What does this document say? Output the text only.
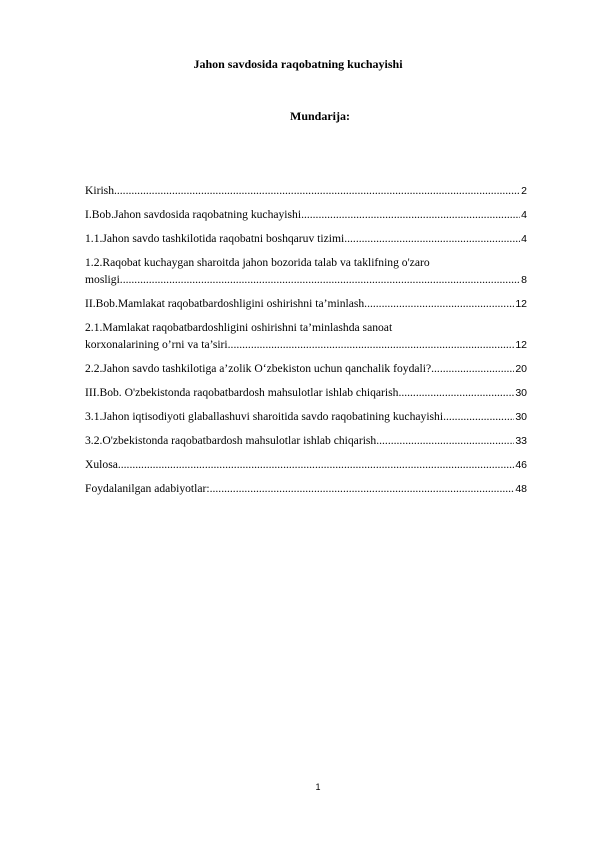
Jahon savdosida raqobatning kuchayishi
Mundarija:
Kirish .....	2
I.Bob.Jahon savdosida raqobatning kuchayishi .....	4
1.1.Jahon savdo tashkilotida raqobatni boshqaruv tizimi .....	4
1.2.Raqobat kuchaygan sharoitda jahon bozorida talab va taklifning o'zaro
mosligi .....	8
II.Bob.Mamlakat raqobatbardoshligini oshirishni ta’minlash .....	12
2.1.Mamlakat raqobatbardoshligini oshirishni ta’minlashda sanoat
korxonalarining o’rni va ta’siri .....	12
2.2.Jahon savdo tashkilotiga a’zolik O‘zbekiston uchun qanchalik foydali? .....	20
III.Bob. O'zbekistonda raqobatbardosh mahsulotlar ishlab chiqarish .....	30
3.1.Jahon iqtisodiyoti glaballashuvi sharoitida savdo raqobatining kuchayishi. .....	30
3.2.O'zbekistonda raqobatbardosh mahsulotlar ishlab chiqarish .....	33
Xulosa .....	46
Foydalanilgan adabiyotlar: .....	48
1
